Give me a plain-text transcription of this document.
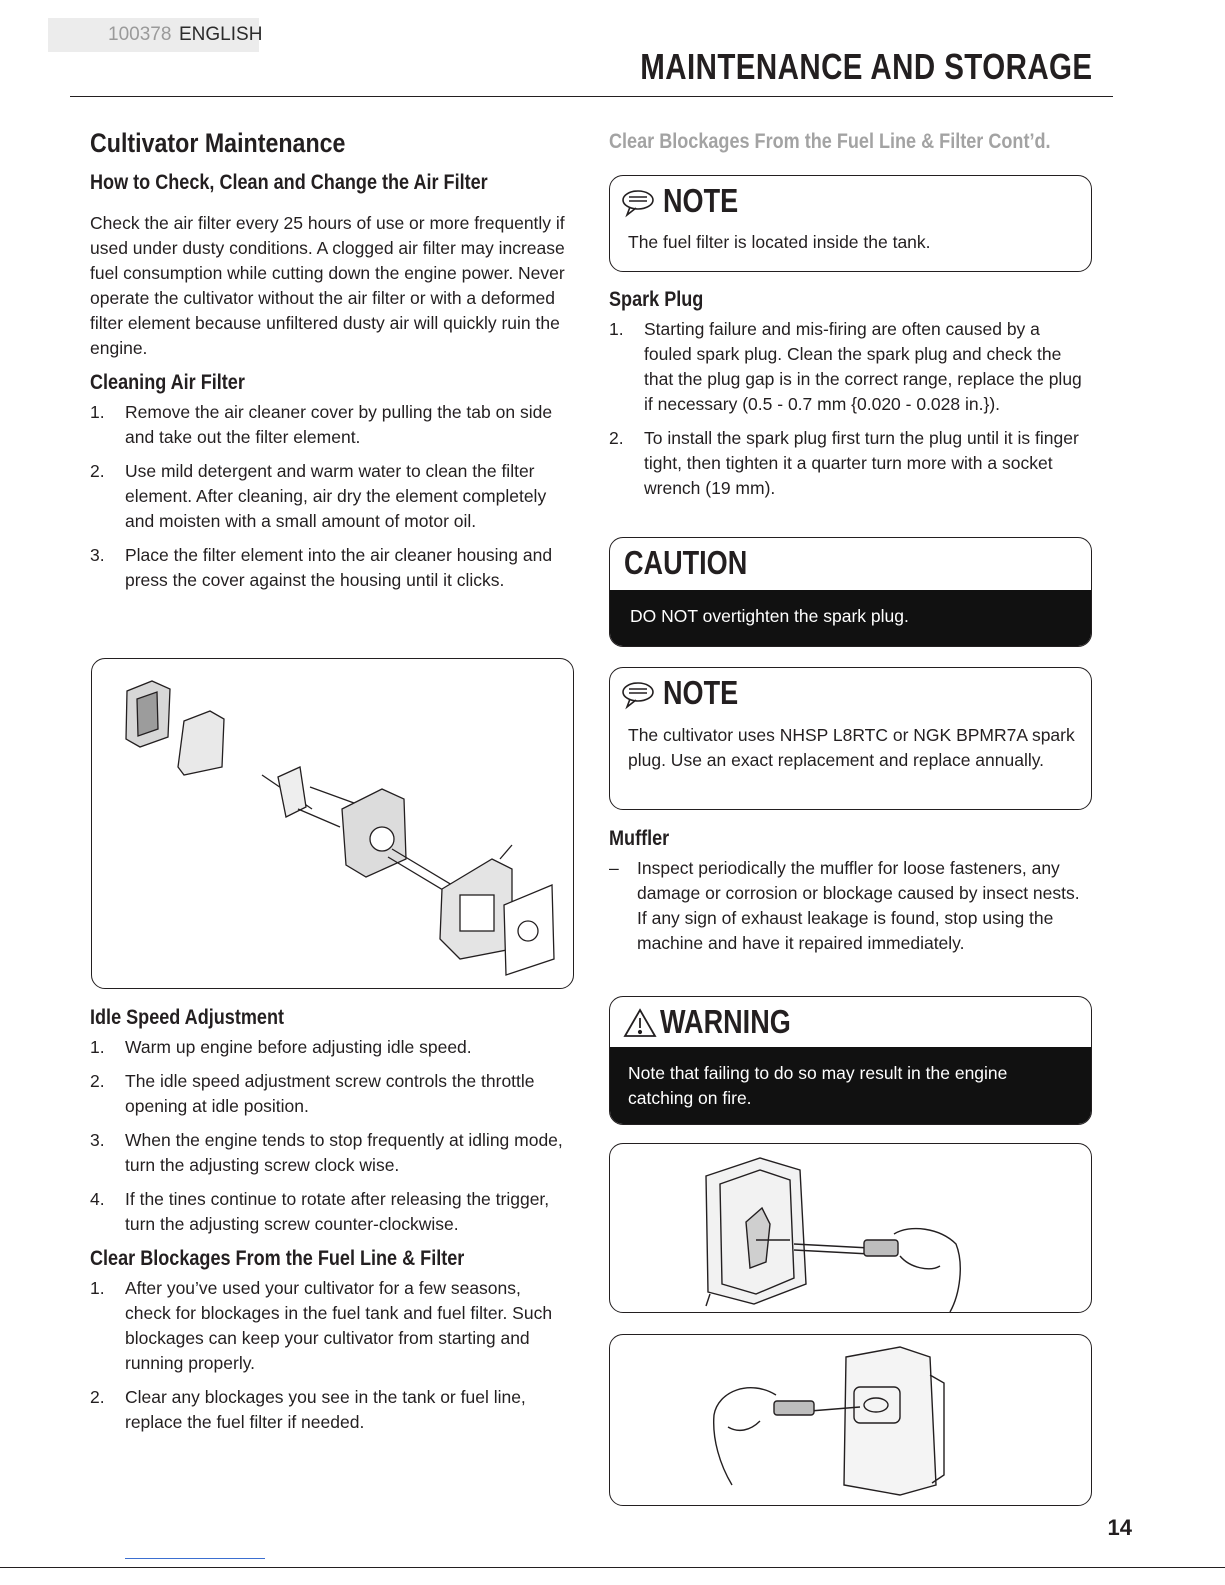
100378 ENGLISH
MAINTENANCE AND STORAGE
Cultivator Maintenance
How to Check, Clean and Change the Air Filter

Check the air filter every 25 hours of use or more frequently if used under dusty conditions. A clogged air filter may increase fuel consumption while cutting down the engine power. Never operate the cultivator without the air filter or with a deformed filter element because unfiltered dusty air will quickly ruin the engine.

Cleaning Air Filter
1. Remove the air cleaner cover by pulling the tab on side and take out the filter element.
2. Use mild detergent and warm water to clean the filter element. After cleaning, air dry the element completely and moisten with a small amount of motor oil.
3. Place the filter element into the air cleaner housing and press the cover against the housing until it clicks.
Idle Speed Adjustment
1. Warm up engine before adjusting idle speed.
2. The idle speed adjustment screw controls the throttle opening at idle position.
3. When the engine tends to stop frequently at idling mode, turn the adjusting screw clock wise.
4. If the tines continue to rotate after releasing the trigger, turn the adjusting screw counter-clockwise.
Clear Blockages From the Fuel Line & Filter
1. After you’ve used your cultivator for a few seasons, check for blockages in the fuel tank and fuel filter. Such blockages can keep your cultivator from starting and running properly.
2. Clear any blockages you see in the tank or fuel line, replace the fuel filter if needed.
Clear Blockages From the Fuel Line & Filter Cont’d.
NOTE
The fuel filter is located inside the tank.
Spark Plug
1. Starting failure and mis-firing are often caused by a fouled spark plug. Clean the spark plug and check the that the plug gap is in the correct range, replace the plug if necessary (0.5 - 0.7 mm {0.020 - 0.028 in.}).
2. To install the spark plug first turn the plug until it is finger tight, then tighten it a quarter turn more with a socket wrench (19 mm).
CAUTION
DO NOT overtighten the spark plug.
NOTE
The cultivator uses NHSP L8RTC or NGK BPMR7A spark plug. Use an exact replacement and replace annually.
Muffler
– Inspect periodically the muffler for loose fasteners, any damage or corrosion or blockage caused by insect nests. If any sign of exhaust leakage is found, stop using the machine and have it repaired immediately.
WARNING
Note that failing to do so may result in the engine catching on fire.
14
